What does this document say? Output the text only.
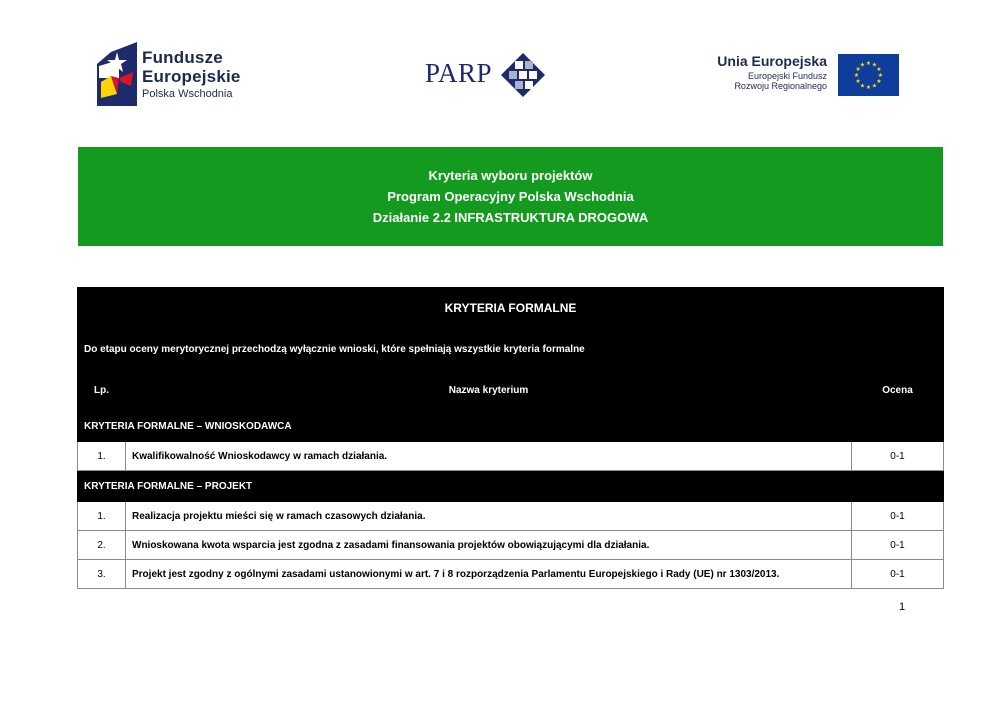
Fundusze
Europejskie
Polska Wschodnia
PARP	Unia Europejska
Europejski Fundusz
Rozwoju Regionalnego
★
★
★
★
★
★
★
★
★ ★ ★
★
Kryteria wyboru projektów
Program Operacyjny Polska Wschodnia
Działanie 2.2 INFRASTRUKTURA DROGOWA
KRYTERIA FORMALNE		
Do etapu oceny merytorycznej przechodzą wyłącznie wnioski, które spełniają wszystkie kryteria formalne		
Lp.	Nazwa kryterium	Ocena
KRYTERIA FORMALNE – WNIOSKODAWCA		
1.	Kwalifikowalność Wnioskodawcy w ramach działania.	0-1
KRYTERIA FORMALNE – PROJEKT		
1.	Realizacja projektu mieści się w ramach czasowych działania.	0-1
2.	Wnioskowana kwota wsparcia jest zgodna z zasadami finansowania projektów obowiązującymi dla działania.	0-1
3.	Projekt jest zgodny z ogólnymi zasadami ustanowionymi w art. 7 i 8 rozporządzenia Parlamentu Europejskiego i Rady (UE) nr 1303/2013.	0-1
1
